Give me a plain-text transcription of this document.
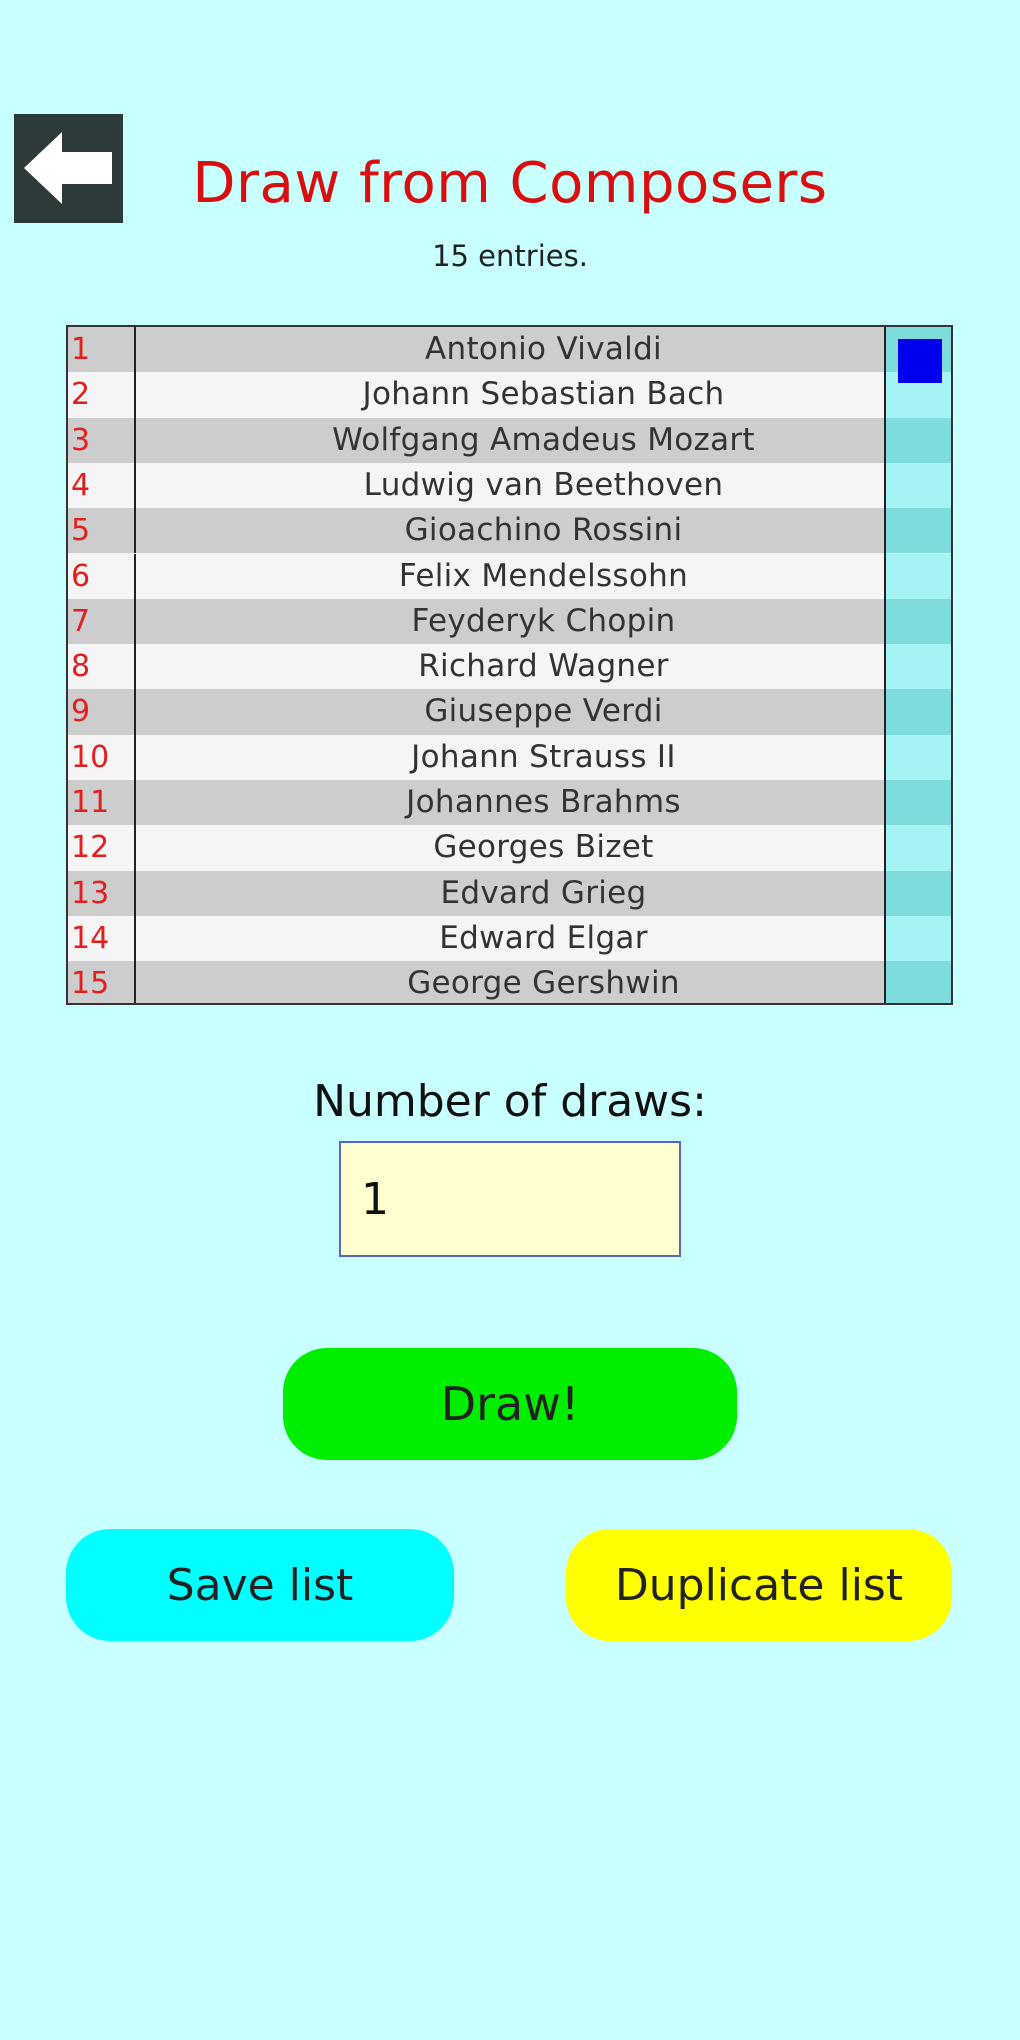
Draw from Composers
15 entries.
1	Antonio Vivaldi
2	Johann Sebastian Bach
3	Wolfgang Amadeus Mozart
4	Ludwig van Beethoven
5	Gioachino Rossini
6	Felix Mendelssohn
7	Feyderyk Chopin
8	Richard Wagner
9	Giuseppe Verdi
10	Johann Strauss II
11	Johannes Brahms
12	Georges Bizet
13	Edvard Grieg
14	Edward Elgar
15	George Gershwin
Number of draws:
1
Draw!
Save list	Duplicate list
